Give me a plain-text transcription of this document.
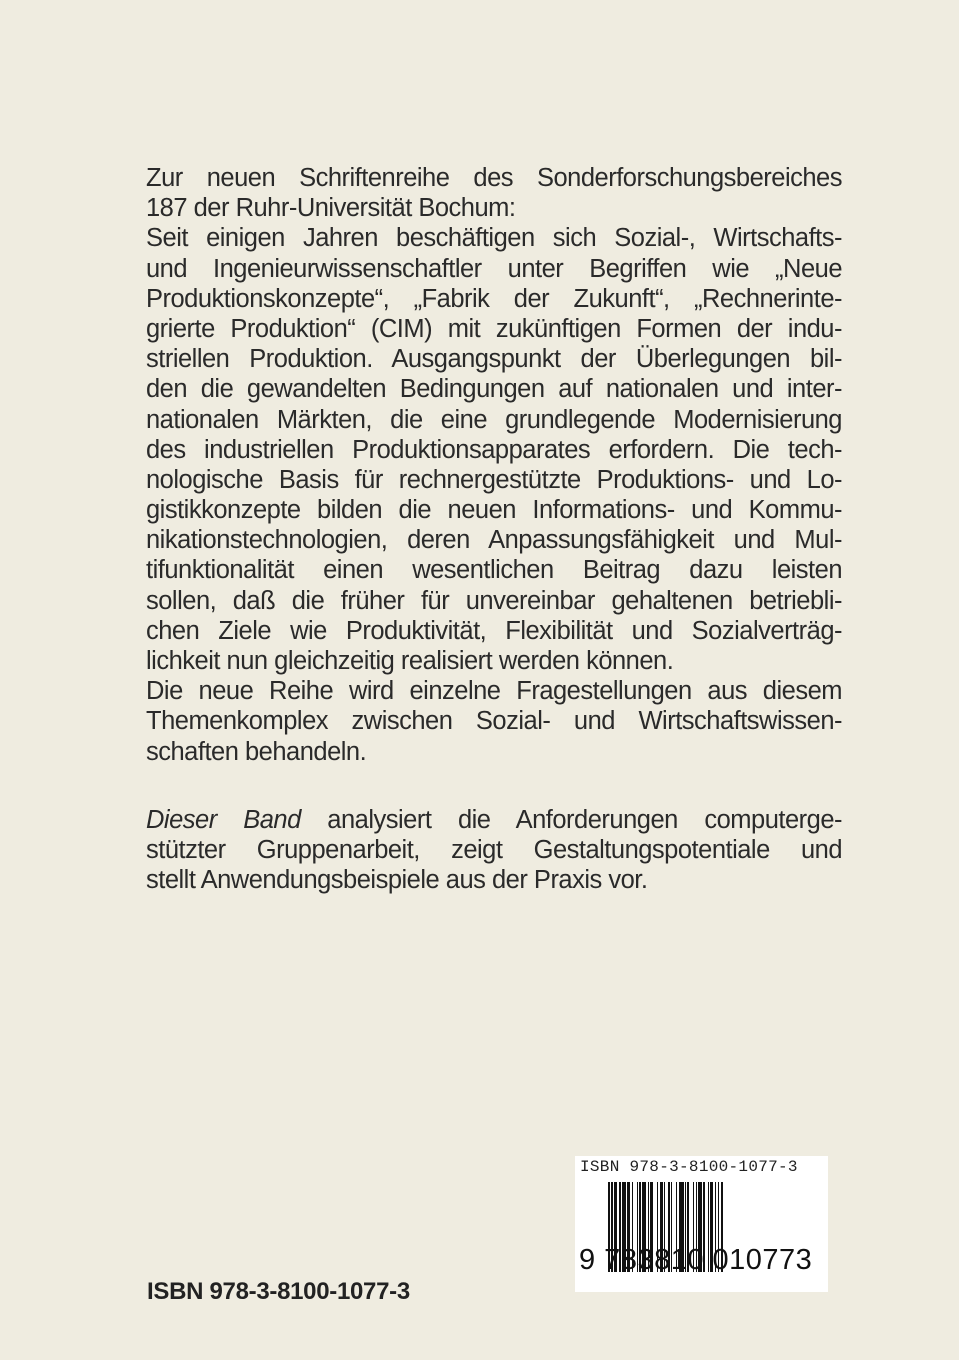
Zur neuen Schriftenreihe des Sonderforschungsbereiches
187 der Ruhr-Universität Bochum:
Seit einigen Jahren beschäftigen sich Sozial-, Wirtschafts-
und Ingenieurwissenschaftler unter Begriffen wie „Neue
Produktionskonzepte“, „Fabrik der Zukunft“, „Rechnerinte-
grierte Produktion“ (CIM) mit zukünftigen Formen der indu-
striellen Produktion. Ausgangspunkt der Überlegungen bil-
den die gewandelten Bedingungen auf nationalen und inter-
nationalen Märkten, die eine grundlegende Modernisierung
des industriellen Produktionsapparates erfordern. Die tech-
nologische Basis für rechnergestützte Produktions- und Lo-
gistikkonzepte bilden die neuen Informations- und Kommu-
nikationstechnologien, deren Anpassungsfähigkeit und Mul-
tifunktionalität einen wesentlichen Beitrag dazu leisten
sollen, daß die früher für unvereinbar gehaltenen betriebli-
chen Ziele wie Produktivität, Flexibilität und Sozialverträg-
lichkeit nun gleichzeitig realisiert werden können.
Die neue Reihe wird einzelne Fragestellungen aus diesem
Themenkomplex zwischen Sozial- und Wirtschaftswissen-
schaften behandeln.
Dieser Band analysiert die Anforderungen computerge-
stützter Gruppenarbeit, zeigt Gestaltungspotentiale und
stellt Anwendungsbeispiele aus der Praxis vor.
ISBN 978-3-8100-1077-3
9 783810 010773
ISBN 978-3-8100-1077-3
